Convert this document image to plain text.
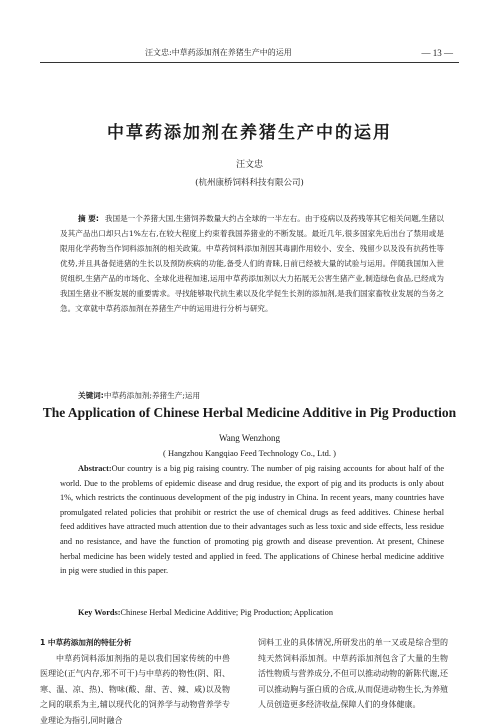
汪文忠:中草药添加剂在养猪生产中的运用	— 13 —
中草药添加剂在养猪生产中的运用
汪文忠
(杭州康桥饲料科技有限公司)
摘 要: 我国是一个养猪大国,生猪饲养数量大约占全球的一半左右。由于疫病以及药残等其它相关问题,生猪以及其产品出口却只占1%左右,在较大程度上约束着我国养猪业的不断发展。最近几年,很多国家先后出台了禁用或是限用化学药物当作饲料添加剂的相关政策。中草药饲料添加剂因其毒副作用较小、安全、残留少以及没有抗药性等优势,并且具备促进猪的生长以及预防疾病的功能,备受人们的青睐,日前已经被大量的试验与运用。伴随我国加入世贸组织,生猪产品的市场化、全球化进程加速,运用中草药添加剂以大力拓展无公害生猪产业,制造绿色食品,已经成为我国生猪业不断发展的重要需求。寻找能够取代抗生素以及化学促生长剂的添加剂,是我们国家畜牧业发展的当务之急。文章就中草药添加剂在养猪生产中的运用进行分析与研究。
关键词:中草药添加剂;养猪生产;运用
The Application of Chinese Herbal Medicine Additive in Pig Production
Wang Wenzhong
( Hangzhou Kangqiao Feed Technology Co., Ltd. )
Abstract:Our country is a big pig raising country. The number of pig raising accounts for about half of the world. Due to the problems of epidemic disease and drug residue, the export of pig and its products is only about 1%, which restricts the continuous development of the pig industry in China. In recent years, many countries have promulgated related policies that prohibit or restrict the use of chemical drugs as feed additives. Chinese herbal feed additives have attracted much attention due to their advantages such as less toxic and side effects, less residue and no resistance, and have the function of promoting pig growth and disease prevention. At present, Chinese herbal medicine has been widely tested and applied in feed. The applications of Chinese herbal medicine additive in pig were studied in this paper.
Key Words:Chinese Herbal Medicine Additive; Pig Production; Application
1 中草药添加剂的特征分析

中草药饲料添加剂指的是以我们国家传统的中兽医理论(正气内存,邪不可干)与中草药的物性(阴、阳、寒、温、凉、热)、物味(酸、甜、苦、辣、咸)以及物之间的联系为主,辅以现代化的饲养学与动物营养学专业理论为指引,同时融合

饲料工业的具体情况,所研发出的单一又或是综合型的纯天然饲料添加剂。中草药添加剂包含了大量的生物活性物质与营养成分,不但可以推动动物的新陈代谢,还可以推动胸与蛋白质的合成,从而促进动物生长,为养殖人员创造更多经济收益,保障人们的身体健康。
